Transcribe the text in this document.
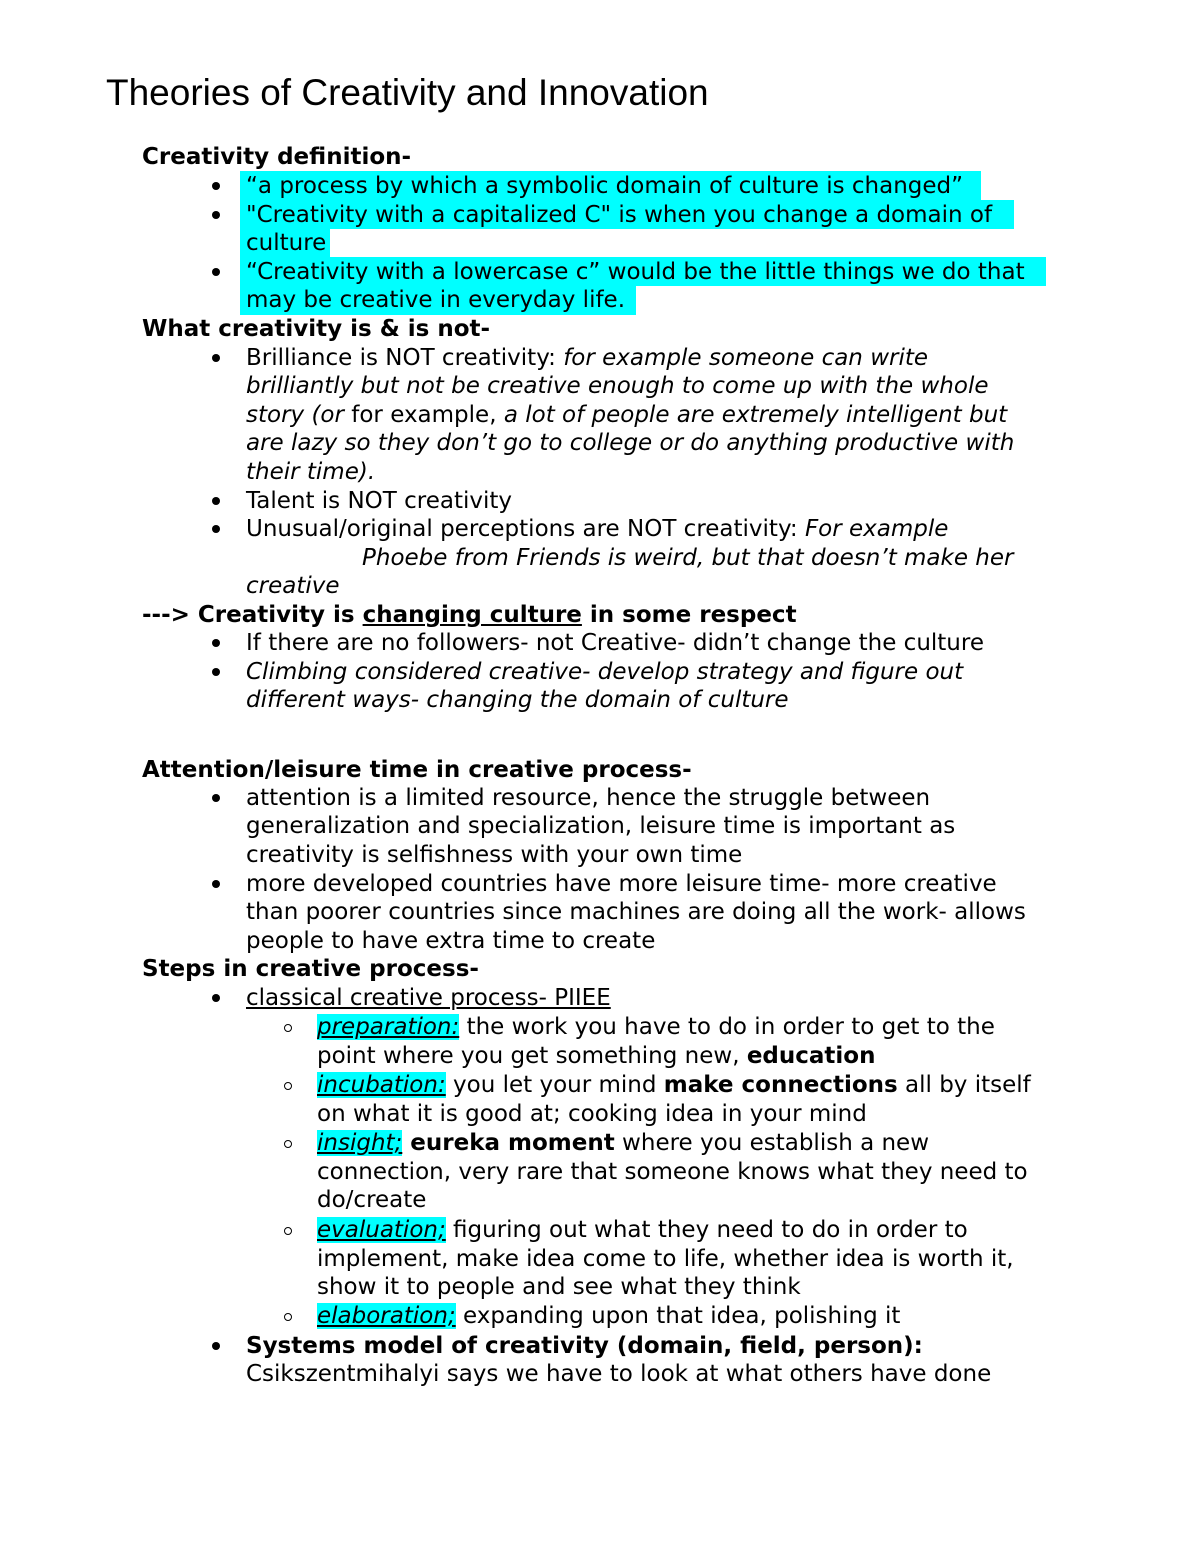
Theories of Creativity and Innovation
Creativity definition-
“a process by which a symbolic domain of culture is changed”
"Creativity with a capitalized C" is when you change a domain of
culture
“Creativity with a lowercase c” would be the little things we do that
may be creative in everyday life.
What creativity is & is not-
Brilliance is NOT creativity: for example someone can write
brilliantly but not be creative enough to come up with the whole
story (or for example, a lot of people are extremely intelligent but
are lazy so they don’t go to college or do anything productive with
their time).
Talent is NOT creativity
Unusual/original perceptions are NOT creativity: For example
Phoebe from Friends is weird, but that doesn’t make her
creative
---> Creativity is changing culture in some respect
If there are no followers- not Creative- didn’t change the culture
Climbing considered creative- develop strategy and figure out
different ways- changing the domain of culture
Attention/leisure time in creative process-
attention is a limited resource, hence the struggle between
generalization and specialization, leisure time is important as
creativity is selfishness with your own time
more developed countries have more leisure time- more creative
than poorer countries since machines are doing all the work- allows
people to have extra time to create
Steps in creative process-
classical creative process- PIIEE
preparation: the work you have to do in order to get to the
point where you get something new, education
incubation: you let your mind make connections all by itself
on what it is good at; cooking idea in your mind
insight; eureka moment where you establish a new
connection, very rare that someone knows what they need to
do/create
evaluation; figuring out what they need to do in order to
implement, make idea come to life, whether idea is worth it,
show it to people and see what they think
elaboration; expanding upon that idea, polishing it
Systems model of creativity (domain, field, person):
Csikszentmihalyi says we have to look at what others have done
